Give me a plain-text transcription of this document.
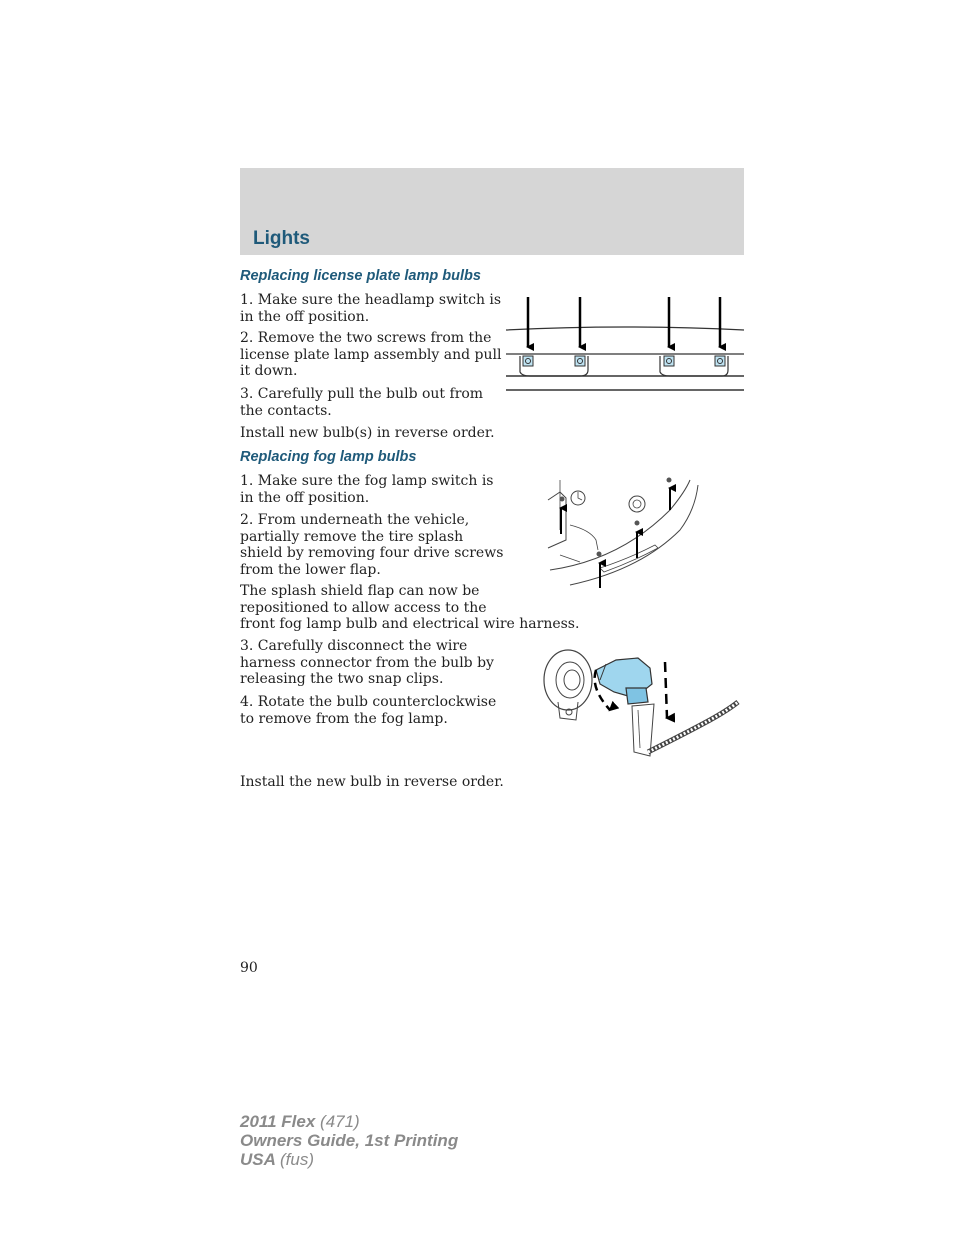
Lights
Replacing license plate lamp bulbs
1. Make sure the headlamp switch is
in the off position.
2. Remove the two screws from the
license plate lamp assembly and pull
it down.
3. Carefully pull the bulb out from
the contacts.
Install new bulb(s) in reverse order.
Replacing fog lamp bulbs
1. Make sure the fog lamp switch is
in the off position.
2. From underneath the vehicle,
partially remove the tire splash
shield by removing four drive screws
from the lower flap.
The splash shield flap can now be
repositioned to allow access to the
front fog lamp bulb and electrical wire harness.
3. Carefully disconnect the wire
harness connector from the bulb by
releasing the two snap clips.
4. Rotate the bulb counterclockwise
to remove from the fog lamp.
Install the new bulb in reverse order.
90
2011 Flex (471)
Owners Guide, 1st Printing
USA (fus)
